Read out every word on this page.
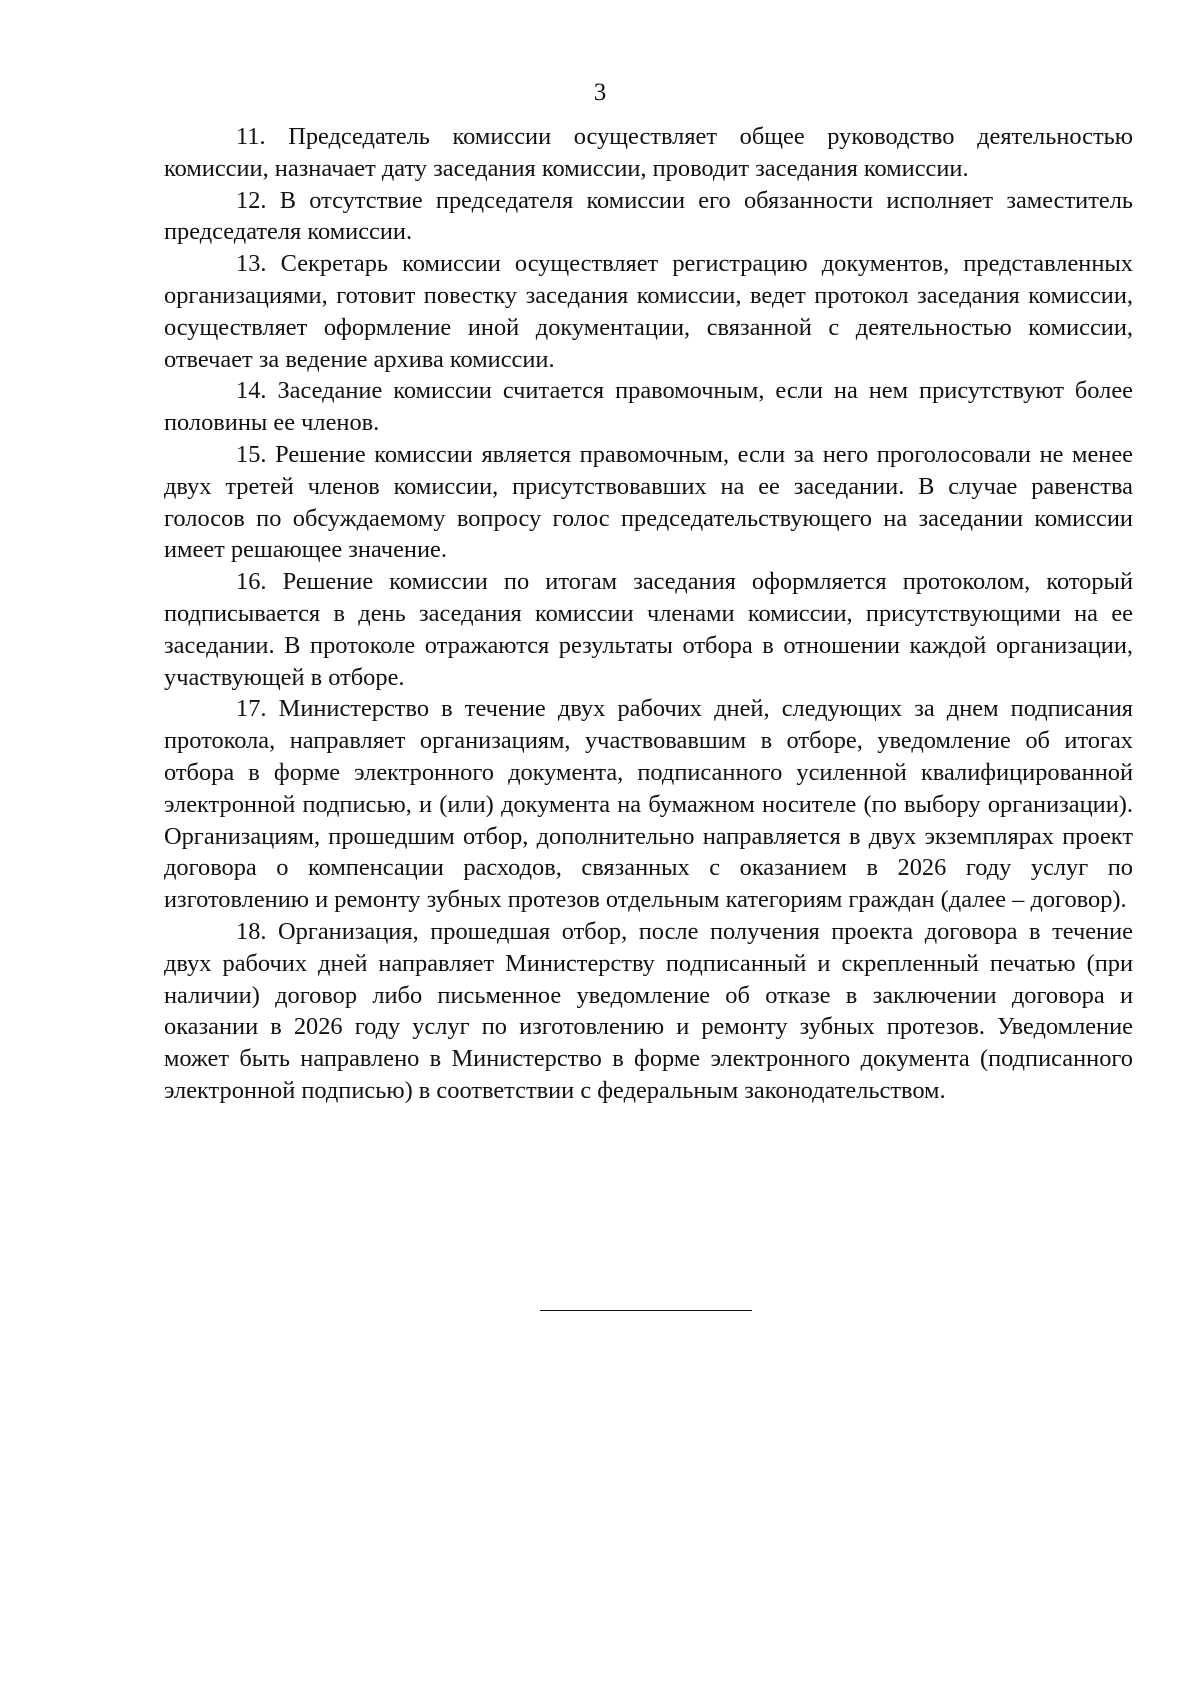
3

11. Председатель комиссии осуществляет общее руководство деятельностью комиссии, назначает дату заседания комиссии, проводит заседания комиссии.

12. В отсутствие председателя комиссии его обязанности исполняет заместитель председателя комиссии.

13. Секретарь комиссии осуществляет регистрацию документов, представленных организациями, готовит повестку заседания комиссии, ведет протокол заседания комиссии, осуществляет оформление иной документации, связанной с деятельностью комиссии, отвечает за ведение архива комиссии.

14. Заседание комиссии считается правомочным, если на нем присутствуют более половины ее членов.

15. Решение комиссии является правомочным, если за него проголосовали не менее двух третей членов комиссии, присутствовавших на ее заседании. В случае равенства голосов по обсуждаемому вопросу голос председательствующего на заседании комиссии имеет решающее значение.

16. Решение комиссии по итогам заседания оформляется протоколом, который подписывается в день заседания комиссии членами комиссии, присутствующими на ее заседании. В протоколе отражаются результаты отбора в отношении каждой организации, участвующей в отборе.

17. Министерство в течение двух рабочих дней, следующих за днем подписания протокола, направляет организациям, участвовавшим в отборе, уведомление об итогах отбора в форме электронного документа, подписанного усиленной квалифицированной электронной подписью, и (или) документа на бумажном носителе (по выбору организации). Организациям, прошедшим отбор, дополнительно направляется в двух экземплярах проект договора о компенсации расходов, связанных с оказанием в 2026 году услуг по изготовлению и ремонту зубных протезов отдельным категориям граждан (далее – договор).

18. Организация, прошедшая отбор, после получения проекта договора в течение двух рабочих дней направляет Министерству подписанный и скрепленный печатью (при наличии) договор либо письменное уведомление об отказе в заключении договора и оказании в 2026 году услуг по изготовлению и ремонту зубных протезов. Уведомление может быть направлено в Министерство в форме электронного документа (подписанного электронной подписью) в соответствии с федеральным законодательством.
